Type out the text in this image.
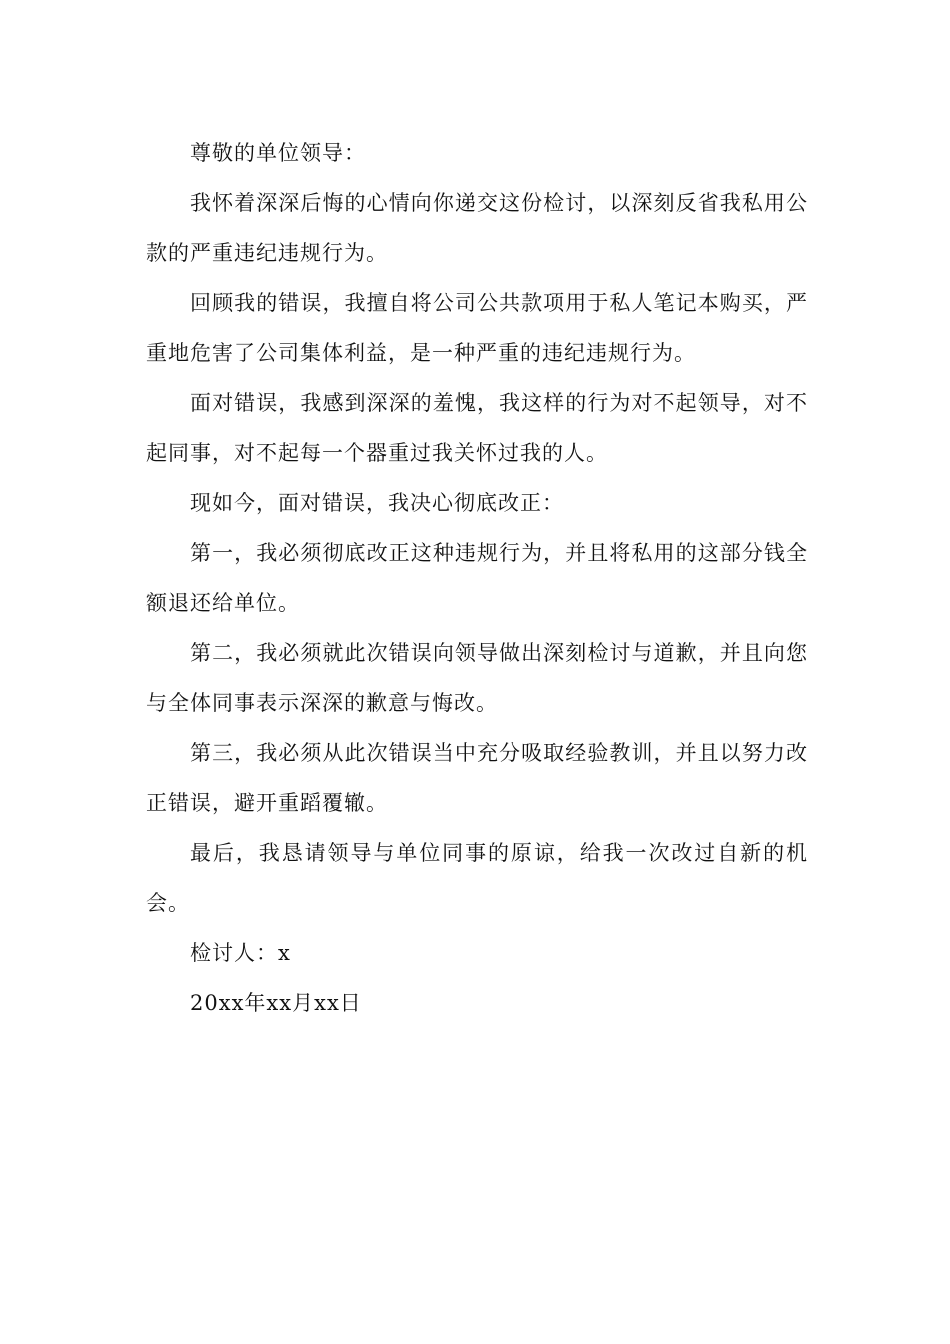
尊敬的单位领导：

我怀着深深后悔的心情向你递交这份检讨，以深刻反省我私用公款的严重违纪违规行为。

回顾我的错误，我擅自将公司公共款项用于私人笔记本购买，严重地危害了公司集体利益，是一种严重的违纪违规行为。

面对错误，我感到深深的羞愧，我这样的行为对不起领导，对不起同事，对不起每一个器重过我关怀过我的人。

现如今，面对错误，我决心彻底改正：

第一，我必须彻底改正这种违规行为，并且将私用的这部分钱全额退还给单位。

第二，我必须就此次错误向领导做出深刻检讨与道歉，并且向您与全体同事表示深深的歉意与悔改。

第三，我必须从此次错误当中充分吸取经验教训，并且以努力改正错误，避开重蹈覆辙。

最后，我恳请领导与单位同事的原谅，给我一次改过自新的机会。

检讨人：x

20xx年xx月xx日
